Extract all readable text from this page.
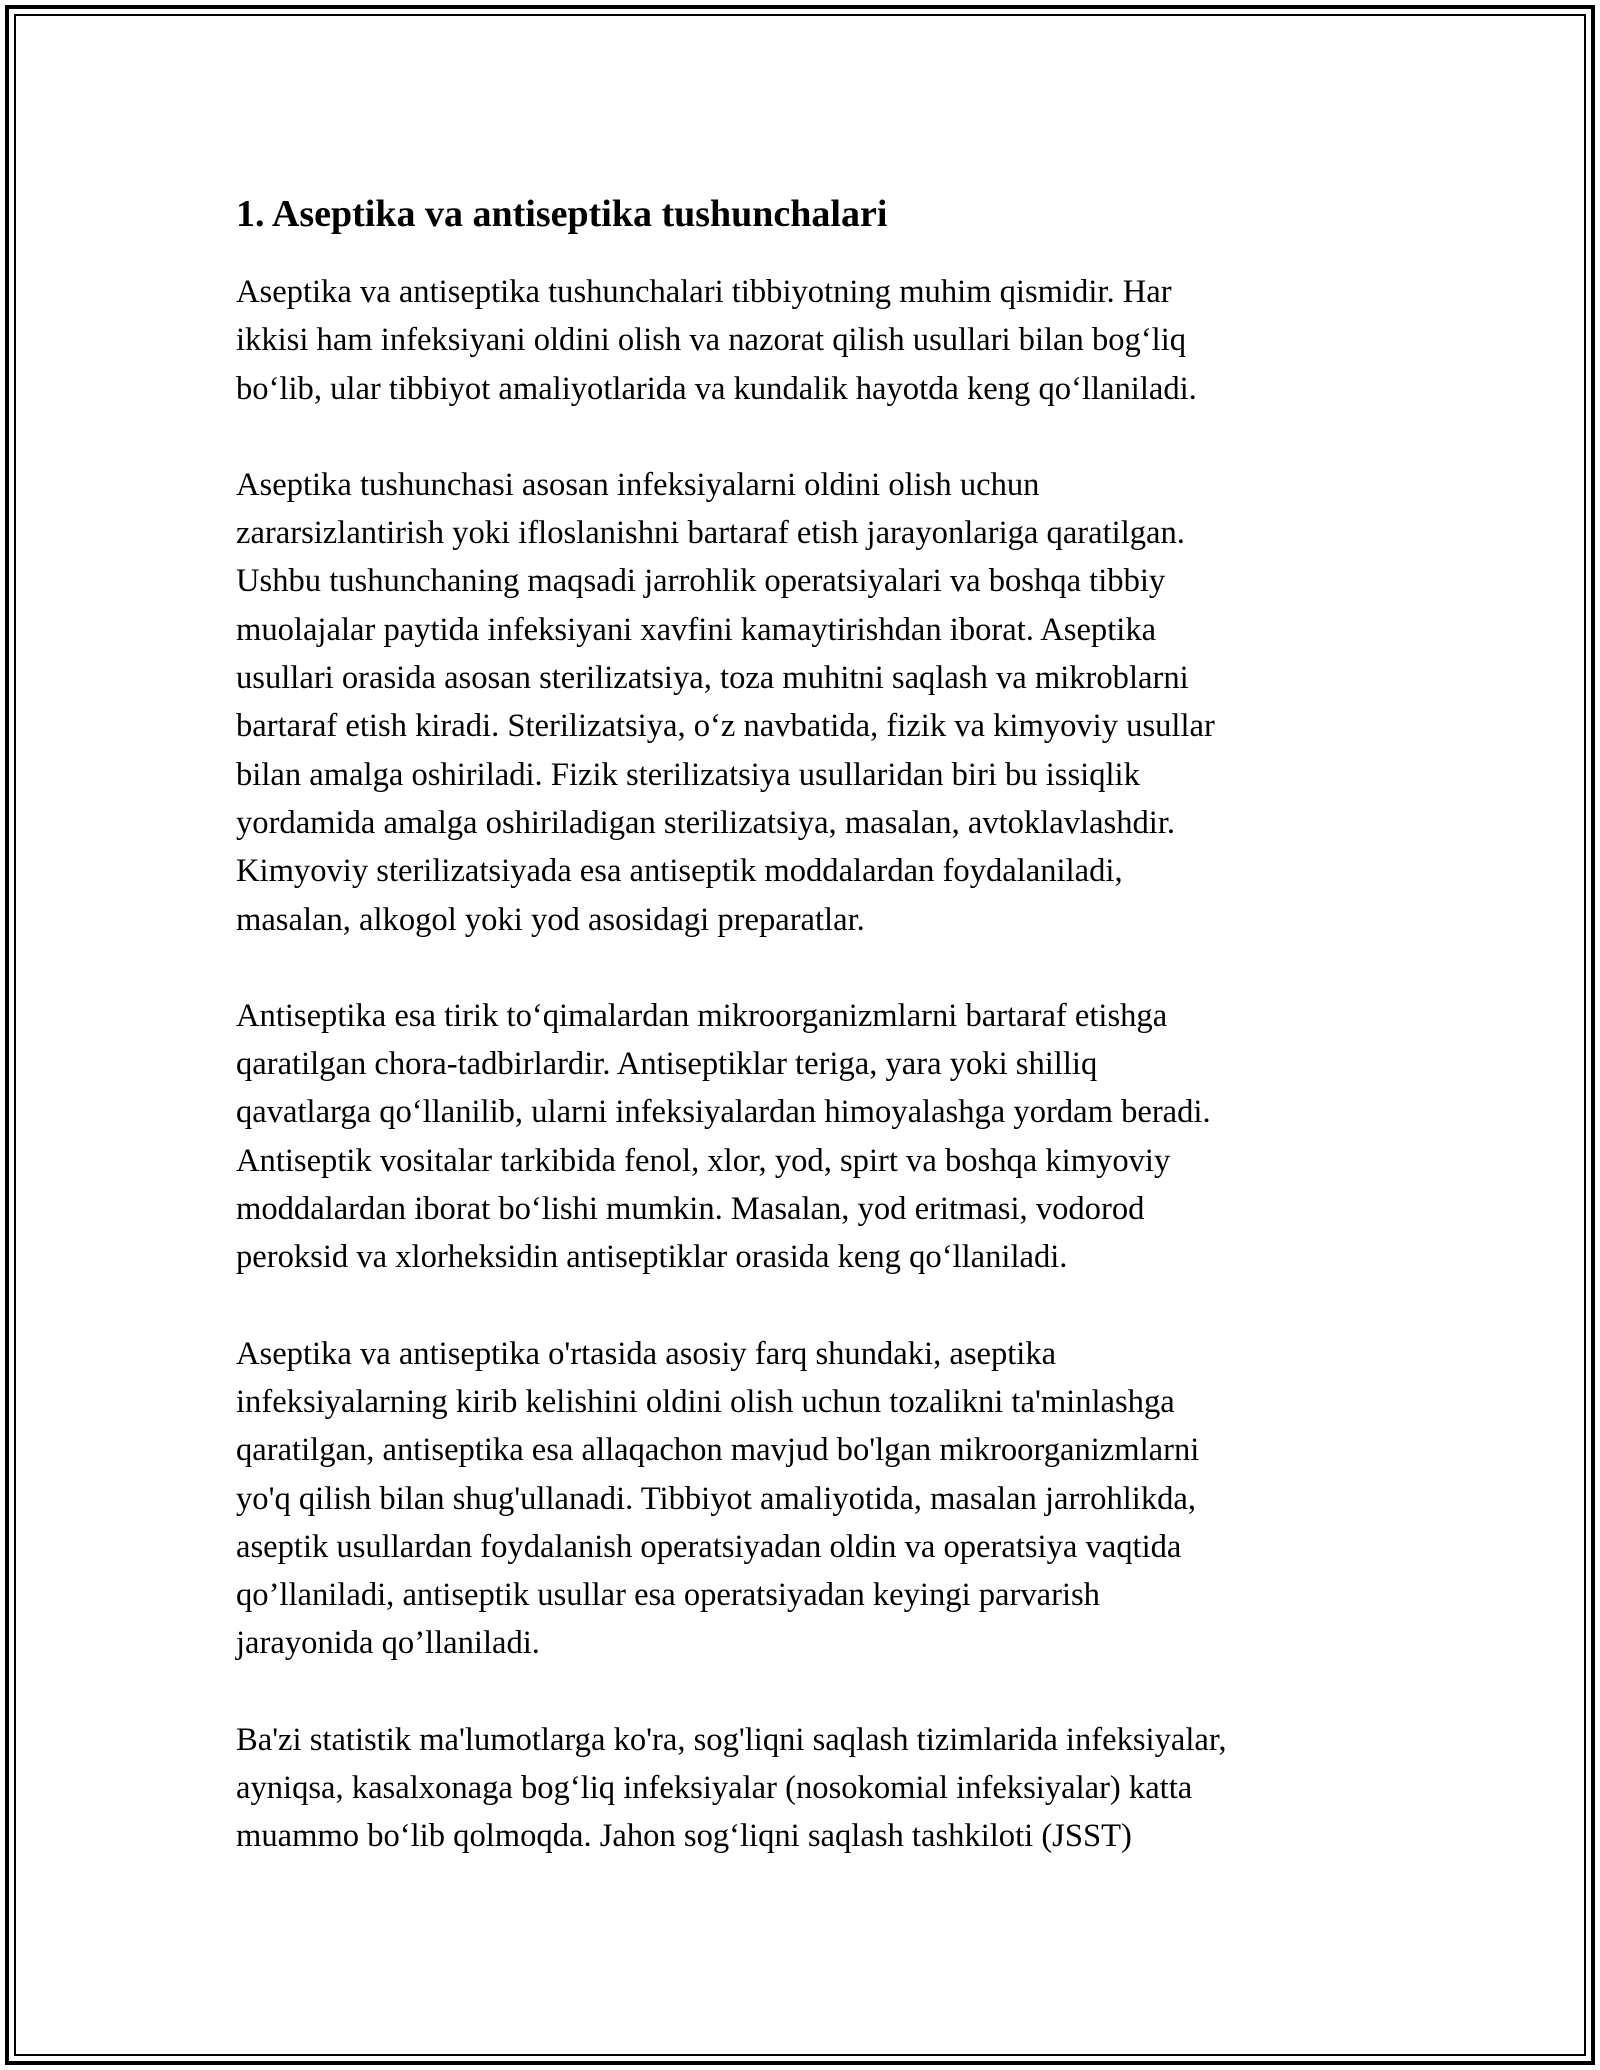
1. Aseptika va antiseptika tushunchalari

Aseptika va antiseptika tushunchalari tibbiyotning muhim qismidir. Har
ikkisi ham infeksiyani oldini olish va nazorat qilish usullari bilan bog‘liq
bo‘lib, ular tibbiyot amaliyotlarida va kundalik hayotda keng qo‘llaniladi.

Aseptika tushunchasi asosan infeksiyalarni oldini olish uchun
zararsizlantirish yoki ifloslanishni bartaraf etish jarayonlariga qaratilgan.
Ushbu tushunchaning maqsadi jarrohlik operatsiyalari va boshqa tibbiy
muolajalar paytida infeksiyani xavfini kamaytirishdan iborat. Aseptika
usullari orasida asosan sterilizatsiya, toza muhitni saqlash va mikroblarni
bartaraf etish kiradi. Sterilizatsiya, o‘z navbatida, fizik va kimyoviy usullar
bilan amalga oshiriladi. Fizik sterilizatsiya usullaridan biri bu issiqlik
yordamida amalga oshiriladigan sterilizatsiya, masalan, avtoklavlashdir.
Kimyoviy sterilizatsiyada esa antiseptik moddalardan foydalaniladi,
masalan, alkogol yoki yod asosidagi preparatlar.

Antiseptika esa tirik to‘qimalardan mikroorganizmlarni bartaraf etishga
qaratilgan chora-tadbirlardir. Antiseptiklar teriga, yara yoki shilliq
qavatlarga qo‘llanilib, ularni infeksiyalardan himoyalashga yordam beradi.
Antiseptik vositalar tarkibida fenol, xlor, yod, spirt va boshqa kimyoviy
moddalardan iborat bo‘lishi mumkin. Masalan, yod eritmasi, vodorod
peroksid va xlorheksidin antiseptiklar orasida keng qo‘llaniladi.

Aseptika va antiseptika o'rtasida asosiy farq shundaki, aseptika
infeksiyalarning kirib kelishini oldini olish uchun tozalikni ta'minlashga
qaratilgan, antiseptika esa allaqachon mavjud bo'lgan mikroorganizmlarni
yo'q qilish bilan shug'ullanadi. Tibbiyot amaliyotida, masalan jarrohlikda,
aseptik usullardan foydalanish operatsiyadan oldin va operatsiya vaqtida
qo’llaniladi, antiseptik usullar esa operatsiyadan keyingi parvarish
jarayonida qo’llaniladi.

Ba'zi statistik ma'lumotlarga ko'ra, sog'liqni saqlash tizimlarida infeksiyalar,
ayniqsa, kasalxonaga bog‘liq infeksiyalar (nosokomial infeksiyalar) katta
muammo bo‘lib qolmoqda. Jahon sog‘liqni saqlash tashkiloti (JSST)
